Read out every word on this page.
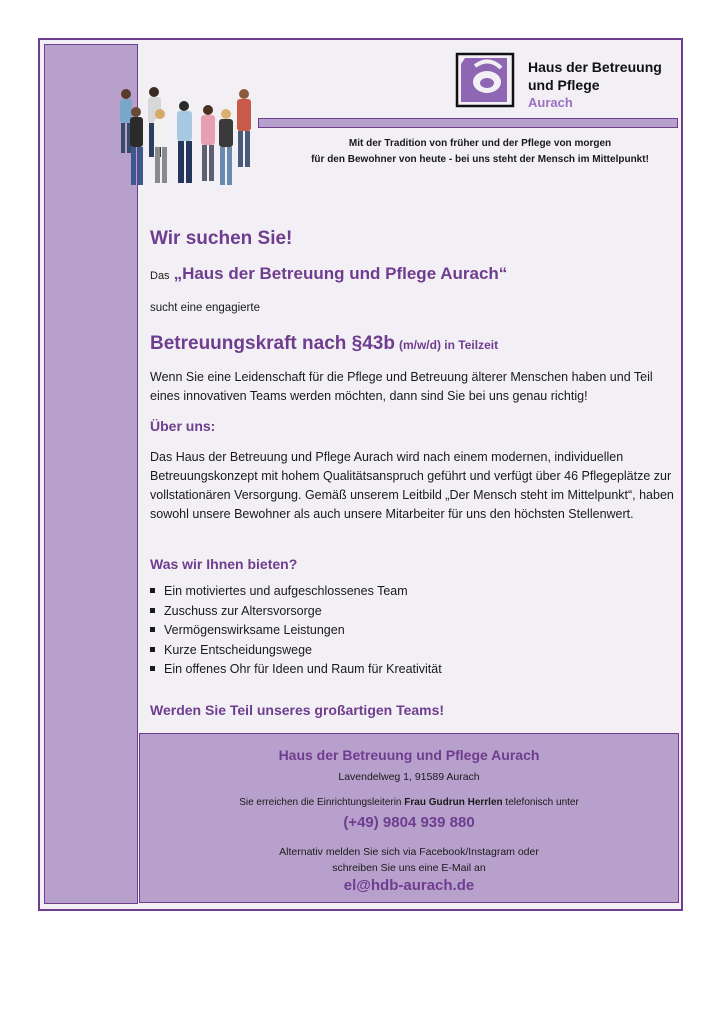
Haus der Betreuung
und Pflege
Aurach
Mit der Tradition von früher und der Pflege von morgen
für den Bewohner von heute - bei uns steht der Mensch im Mittelpunkt!
Wir suchen Sie!
Das „Haus der Betreuung und Pflege Aurach“
sucht eine engagierte
Betreuungskraft nach §43b (m/w/d) in Teilzeit
Wenn Sie eine Leidenschaft für die Pflege und Betreuung älterer Menschen haben und Teil eines innovativen Teams werden möchten, dann sind Sie bei uns genau richtig!
Über uns:
Das Haus der Betreuung und Pflege Aurach wird nach einem modernen, individuellen Betreuungskonzept mit hohem Qualitätsanspruch geführt und verfügt über 46 Pflegeplätze zur vollstationären Versorgung. Gemäß unserem Leitbild „Der Mensch steht im Mittelpunkt“, haben sowohl unsere Bewohner als auch unsere Mitarbeiter für uns den höchsten Stellenwert.
Was wir Ihnen bieten?
Ein motiviertes und aufgeschlossenes Team
Zuschuss zur Altersvorsorge
Vermögenswirksame Leistungen
Kurze Entscheidungswege
Ein offenes Ohr für Ideen und Raum für Kreativität
Werden Sie Teil unseres großartigen Teams!
Haus der Betreuung und Pflege Aurach
Lavendelweg 1, 91589 Aurach
Sie erreichen die Einrichtungsleiterin Frau Gudrun Herrlen telefonisch unter
(+49) 9804 939 880
Alternativ melden Sie sich via Facebook/Instagram oder
schreiben Sie uns eine E-Mail an
el@hdb-aurach.de
